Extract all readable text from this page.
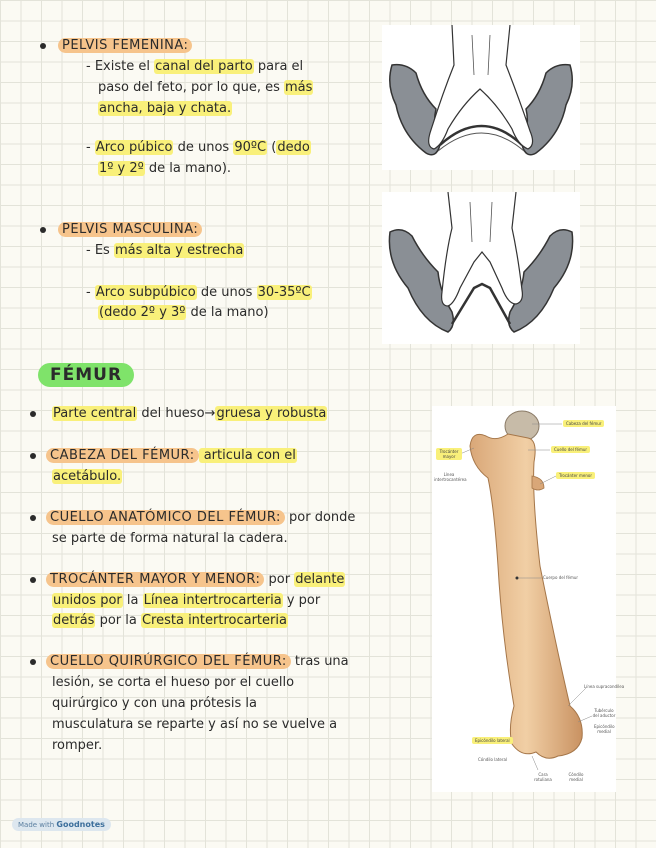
PELVIS FEMENINA:
- Existe el canal del parto para el
paso del feto, por lo que, es más
ancha, baja y chata.
- Arco púbico de unos 90ºC (dedo
1º y 2º de la mano).
PELVIS MASCULINA:
- Es más alta y estrecha
- Arco subpúbico de unos 30-35ºC
(dedo 2º y 3º de la mano)
FÉMUR
Parte central del hueso→gruesa y robusta
CABEZA DEL FÉMUR: articula con el
acetábulo.
CUELLO ANATÓMICO DEL FÉMUR: por donde
se parte de forma natural la cadera.
TROCÁNTER MAYOR Y MENOR: por delante
unidos por la Línea intertrocarteria y por
detrás por la Cresta intertrocarteria
CUELLO QUIRÚRGICO DEL FÉMUR: tras una
lesión, se corta el hueso por el cuello
quirúrgico y con una prótesis la
musculatura se reparte y así no se vuelve a
romper.
Cabeza del fémur
Cuello del fémur
Trocánter mayor
Línea intertrocantérea
Trocánter menor
Cuerpo del fémur
Línea supracondílea
Tubérculo del aductor
Epicóndilo medial
Epicóndilo lateral
Cóndilo lateral
Cara rotuliana
Cóndilo medial
Made with Goodnotes
